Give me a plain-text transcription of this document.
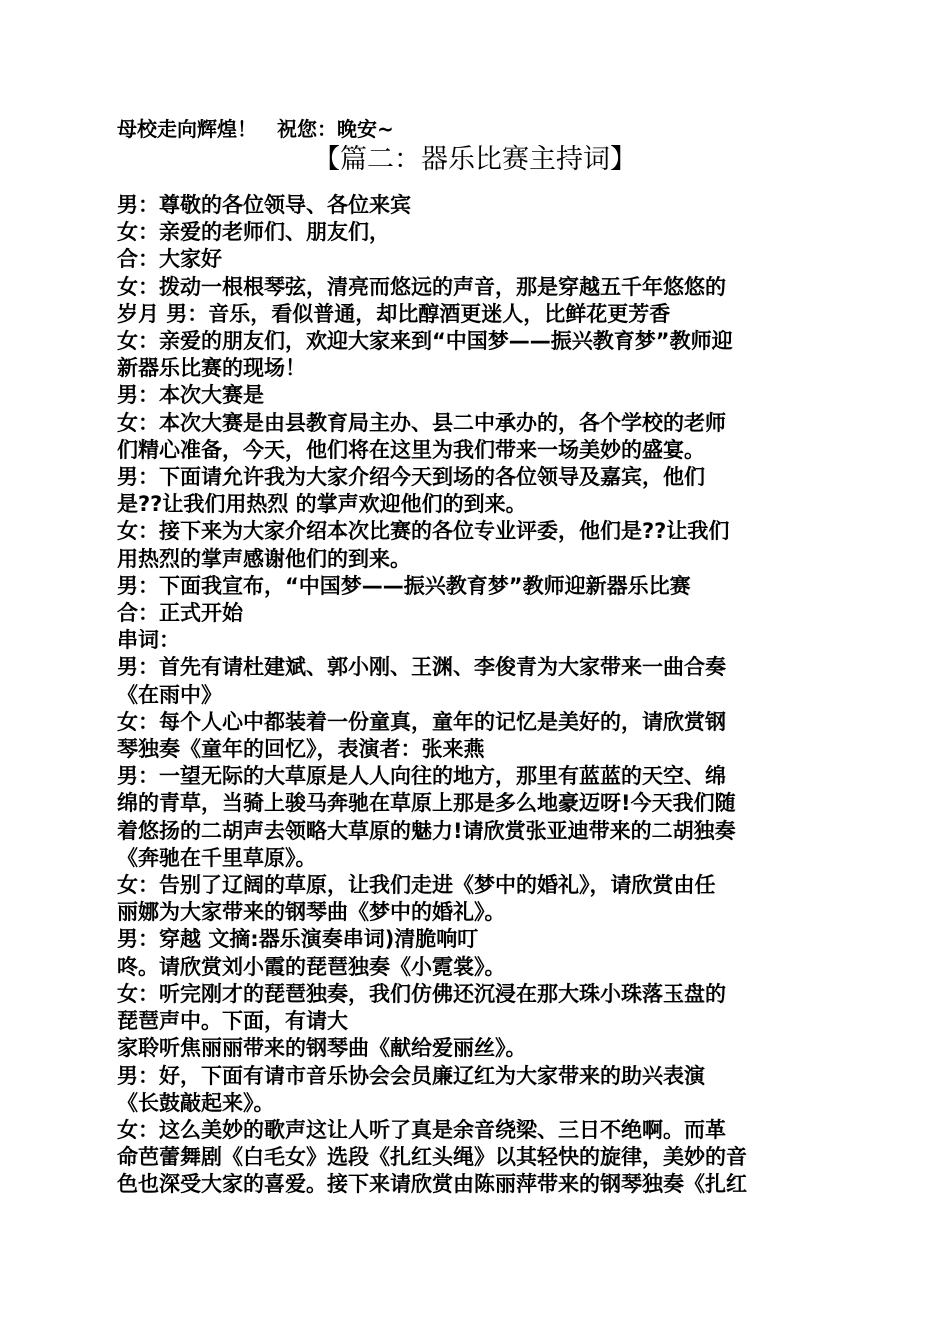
母校走向辉煌！　祝您：晚安~
【篇二：器乐比赛主持词】
男：尊敬的各位领导、各位来宾
女：亲爱的老师们、朋友们，
合：大家好
女：拨动一根根琴弦，清亮而悠远的声音，那是穿越五千年悠悠的
岁月 男：音乐，看似普通，却比醇酒更迷人，比鲜花更芳香
女：亲爱的朋友们，欢迎大家来到“中国梦——振兴教育梦”教师迎
新器乐比赛的现场！
男：本次大赛是
女：本次大赛是由县教育局主办、县二中承办的，各个学校的老师
们精心准备，今天，他们将在这里为我们带来一场美妙的盛宴。
男：下面请允许我为大家介绍今天到场的各位领导及嘉宾，他们
是??让我们用热烈 的掌声欢迎他们的到来。
女：接下来为大家介绍本次比赛的各位专业评委，他们是??让我们
用热烈的掌声感谢他们的到来。
男：下面我宣布，“中国梦——振兴教育梦”教师迎新器乐比赛
合：正式开始
串词：
男：首先有请杜建斌、郭小刚、王渊、李俊青为大家带来一曲合奏
《在雨中》
女：每个人心中都装着一份童真，童年的记忆是美好的，请欣赏钢
琴独奏《童年的回忆》，表演者：张来燕
男：一望无际的大草原是人人向往的地方，那里有蓝蓝的天空、绵
绵的青草，当骑上骏马奔驰在草原上那是多么地豪迈呀!今天我们随
着悠扬的二胡声去领略大草原的魅力!请欣赏张亚迪带来的二胡独奏
《奔驰在千里草原》。
女：告别了辽阔的草原，让我们走进《梦中的婚礼》，请欣赏由任
丽娜为大家带来的钢琴曲《梦中的婚礼》。
男：穿越 文摘:器乐演奏串词)清脆响叮
咚。请欣赏刘小霞的琵琶独奏《小霓裳》。
女：听完刚才的琵琶独奏，我们仿佛还沉浸在那大珠小珠落玉盘的
琵琶声中。下面，有请大
家聆听焦丽丽带来的钢琴曲《献给爱丽丝》。
男：好，下面有请市音乐协会会员廉辽红为大家带来的助兴表演
《长鼓敲起来》。
女：这么美妙的歌声这让人听了真是余音绕梁、三日不绝啊。而革
命芭蕾舞剧《白毛女》选段《扎红头绳》以其轻快的旋律，美妙的音
色也深受大家的喜爱。接下来请欣赏由陈丽萍带来的钢琴独奏《扎红
